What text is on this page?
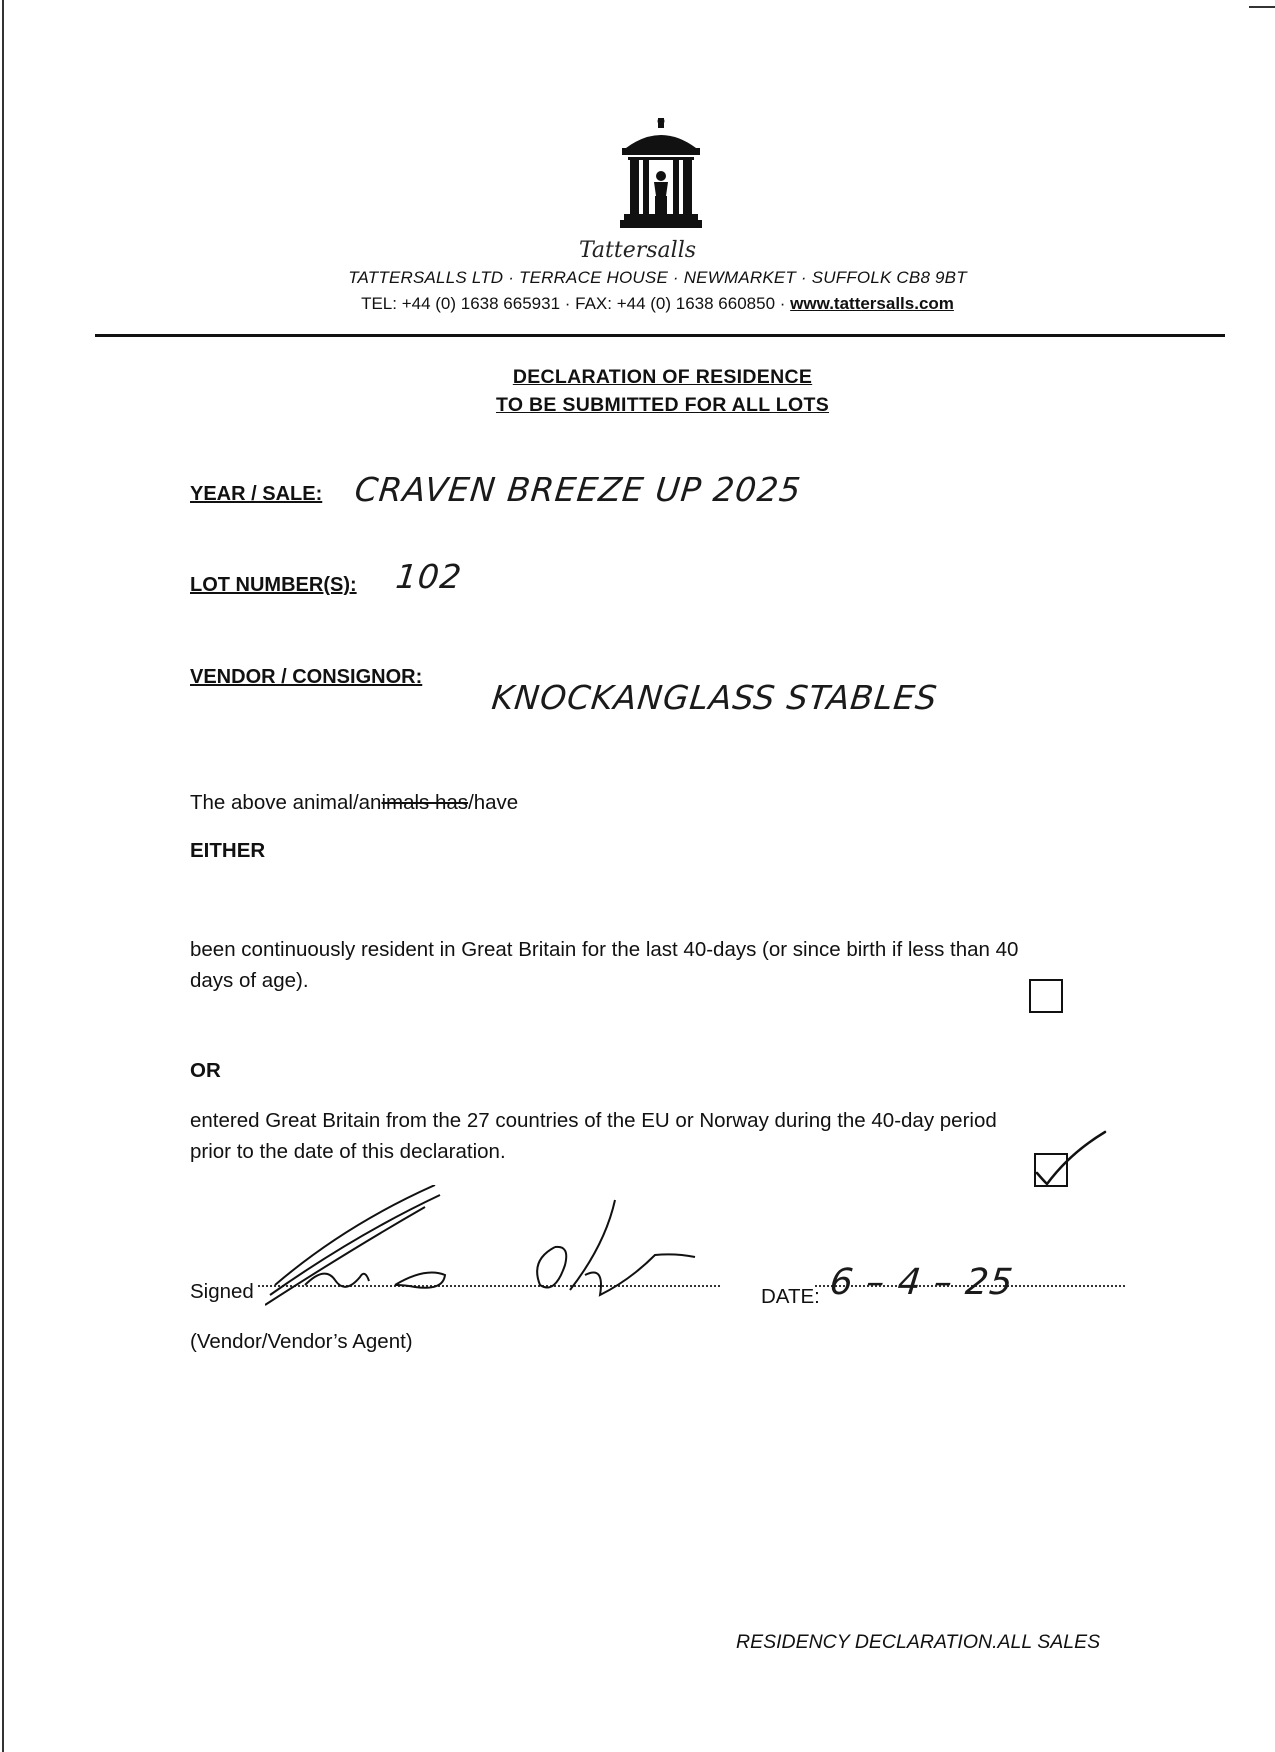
Tattersalls
TATTERSALLS LTD · TERRACE HOUSE · NEWMARKET · SUFFOLK CB8 9BT
TEL: +44 (0) 1638 665931 · FAX: +44 (0) 1638 660850 · www.tattersalls.com
DECLARATION OF RESIDENCE
TO BE SUBMITTED FOR ALL LOTS
YEAR / SALE: CRAVEN BREEZE UP 2025
LOT NUMBER(S): 102
VENDOR / CONSIGNOR:
KNOCKANGLASS STABLES
The above animal/animals has/have
EITHER
been continuously resident in Great Britain for the last 40-days (or since birth if less than 40
days of age).
OR
entered Great Britain from the 27 countries of the EU or Norway during the 40-day period
prior to the date of this declaration.
Signed	DATE: 6 – 4 – 25
(Vendor/Vendor’s Agent)
RESIDENCY DECLARATION.ALL SALES
